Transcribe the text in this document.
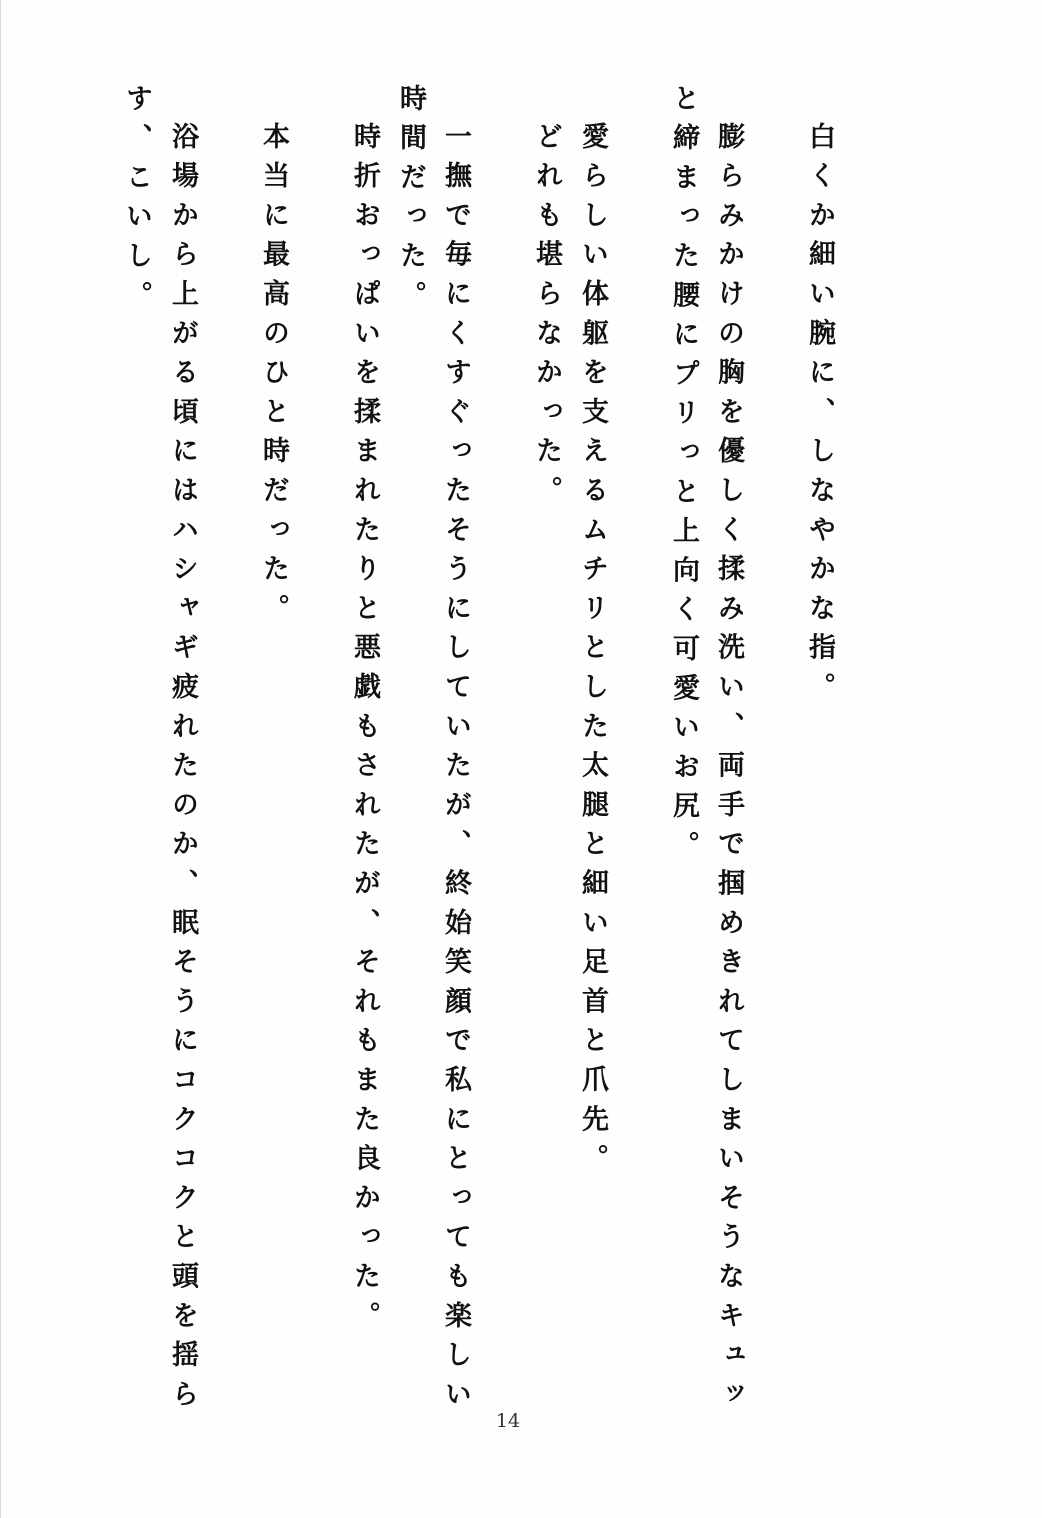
白くか細い腕に、しなやかな指。
膨らみかけの胸を優しく揉み洗い、両手で掴めきれてしまいそうなキュッ
と締まった腰にプリっと上向く可愛いお尻。
愛らしい体躯を支えるムチリとした太腿と細い足首と爪先。
どれも堪らなかった。
一撫で毎にくすぐったそうにしていたが、終始笑顔で私にとっても楽しい
時間だった。
時折おっぱいを揉まれたりと悪戯もされたが、それもまた良かった。
本当に最高のひと時だった。
浴場から上がる頃にはハシャギ疲れたのか、眠そうにコクコクと頭を揺ら
す、こいし。
14
